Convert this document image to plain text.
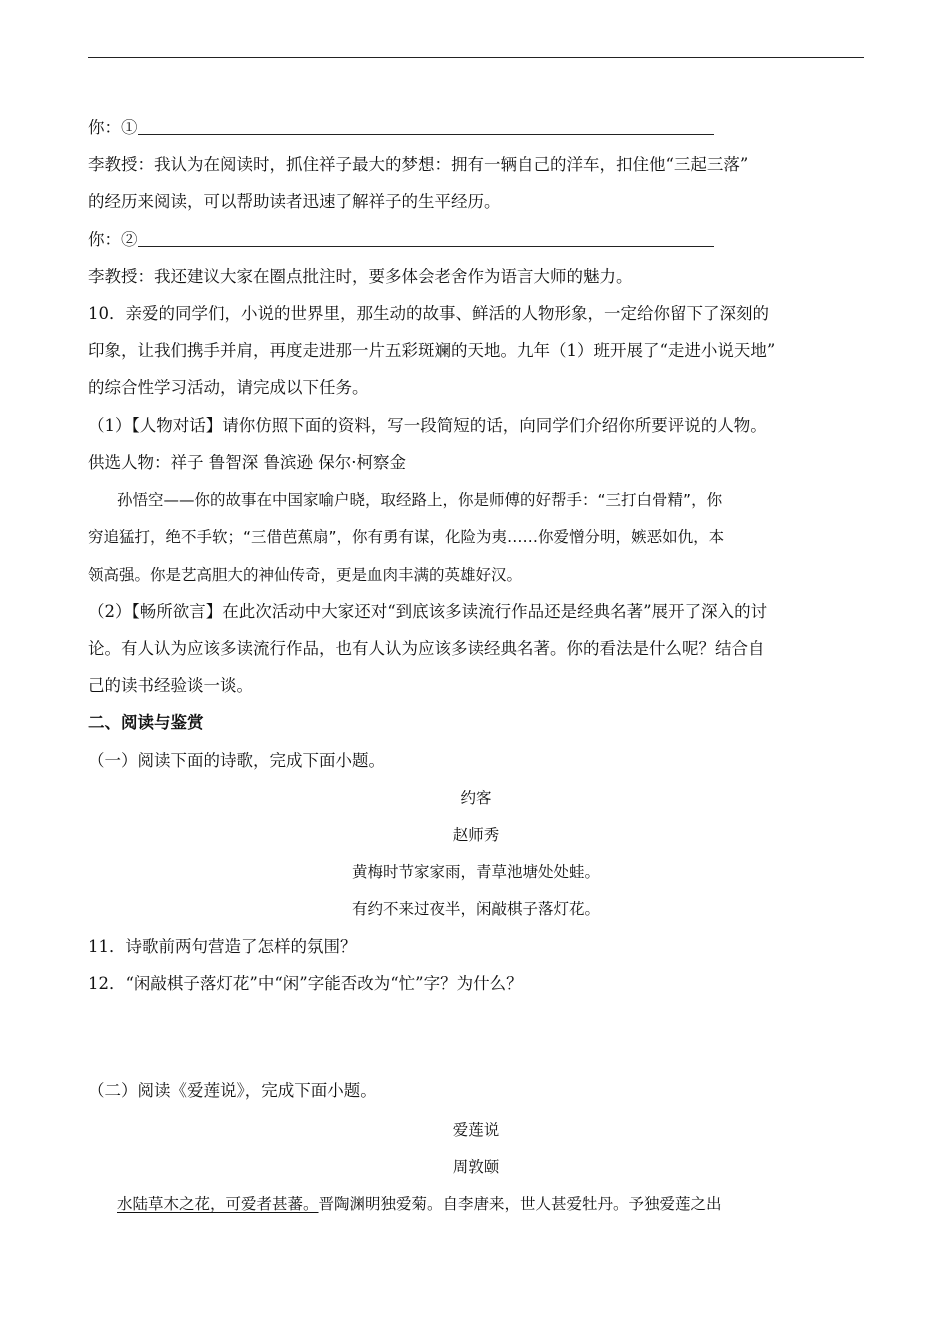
你：①
李教授：我认为在阅读时，抓住祥子最大的梦想：拥有一辆自己的洋车，扣住他“三起三落”
的经历来阅读，可以帮助读者迅速了解祥子的生平经历。
你：②
李教授：我还建议大家在圈点批注时，要多体会老舍作为语言大师的魅力。
10．亲爱的同学们，小说的世界里，那生动的故事、鲜活的人物形象，一定给你留下了深刻的
印象，让我们携手并肩，再度走进那一片五彩斑斓的天地。九年（1）班开展了“走进小说天地”
的综合性学习活动，请完成以下任务。
（1）【人物对话】请你仿照下面的资料，写一段简短的话，向同学们介绍你所要评说的人物。
供选人物：祥子 鲁智深 鲁滨逊 保尔·柯察金
孙悟空——你的故事在中国家喻户晓，取经路上，你是师傅的好帮手：“三打白骨精”，你
穷追猛打，绝不手软；“三借芭蕉扇”，你有勇有谋，化险为夷……你爱憎分明，嫉恶如仇，本
领高强。你是艺高胆大的神仙传奇，更是血肉丰满的英雄好汉。
（2）【畅所欲言】在此次活动中大家还对“到底该多读流行作品还是经典名著”展开了深入的讨
论。有人认为应该多读流行作品，也有人认为应该多读经典名著。你的看法是什么呢？结合自
己的读书经验谈一谈。
二、阅读与鉴赏
（一）阅读下面的诗歌，完成下面小题。
约客
赵师秀
黄梅时节家家雨，青草池塘处处蛙。
有约不来过夜半，闲敲棋子落灯花。
11．诗歌前两句营造了怎样的氛围？
12．“闲敲棋子落灯花”中“闲”字能否改为“忙”字？为什么？
（二）阅读《爱莲说》，完成下面小题。
爱莲说
周敦颐
水陆草木之花，可爱者甚蕃。晋陶渊明独爱菊。自李唐来，世人甚爱牡丹。予独爱莲之出
